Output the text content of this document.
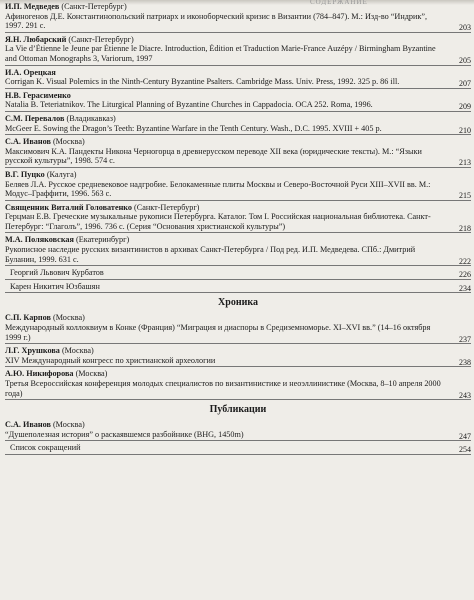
СОДЕРЖАНИЕ
И.П. Медведев (Санкт-Петербург)
Афиногенов Д.Е. Константинопольский патриарх и иконоборческий кризис в Византии (784–847). М.: Изд-во “Индрик”, 1997. 291 с.	203
Я.Н. Любарский (Санкт-Петербург)
La Vie d’Étienne le Jeune par Étienne le Diacre. Introduction, Édition et Traduction Marie-France Auzépy / Birmingham Byzantine and Ottoman Monographs 3, Variorum, 1997	205
И.А. Орецкая
Corrigan K. Visual Polemics in the Ninth-Century Byzantine Psalters. Cambridge Mass. Univ. Press, 1992. 325 p. 86 ill.	207
Н.В. Герасименко
Natalia B. Teteriatnikov. The Liturgical Planning of Byzantine Churches in Cappadocia. OCA 252. Roma, 1996.	209
С.М. Перевалов (Владикавказ)
McGeer E. Sowing the Dragon’s Teeth: Byzantine Warfare in the Tenth Century. Wash., D.C. 1995. XVIII + 405 p.	210
С.А. Иванов (Москва)
Максимович К.А. Пандекты Никона Черногорца в древнерусском переводе XII века (юридические тексты). М.: “Языки русской культуры”, 1998. 574 с.	213
В.Г. Пуцко (Калуга)
Беляев Л.А. Русское средневековое надгробие. Белокаменные плиты Москвы и Северо-Восточной Руси XIII–XVII вв. М.: Модус–Граффити, 1996. 563 с.	215
Священник Виталий Головатенко (Санкт-Петербург)
Герцман Е.В. Греческие музыкальные рукописи Петербурга. Каталог. Том I. Российская национальная библиотека. Санкт-Петербург: “Глаголъ”, 1996. 736 с. (Серия “Основания христианской культуры”)	218
М.А. Поляковская (Екатеринбург)
Рукописное наследие русских византинистов в архивах Санкт-Петербурга / Под ред. И.П. Медведева. СПб.: Дмитрий Буланин, 1999. 631 с.	222
Георгий Львович Курбатов	226
Карен Никитич Юзбашян	234
Хроника
С.П. Карпов (Москва)
Международный коллоквиум в Конке (Франция) “Миграция и диаспоры в Средиземноморье. XI–XVI вв.” (14–16 октября 1999 г.)	237
Л.Г. Хрушкова (Москва)
XIV Международный конгресс по христианской археологии	238
А.Ю. Никифорова (Москва)
Третья Всероссийская конференция молодых специалистов по византинистике и неоэллинистике (Москва, 8–10 апреля 2000 года)	243
Публикации
С.А. Иванов (Москва)
“Душеполезная история” о раскаявшемся разбойнике (BHG, 1450m)	247
Список сокращений	254
